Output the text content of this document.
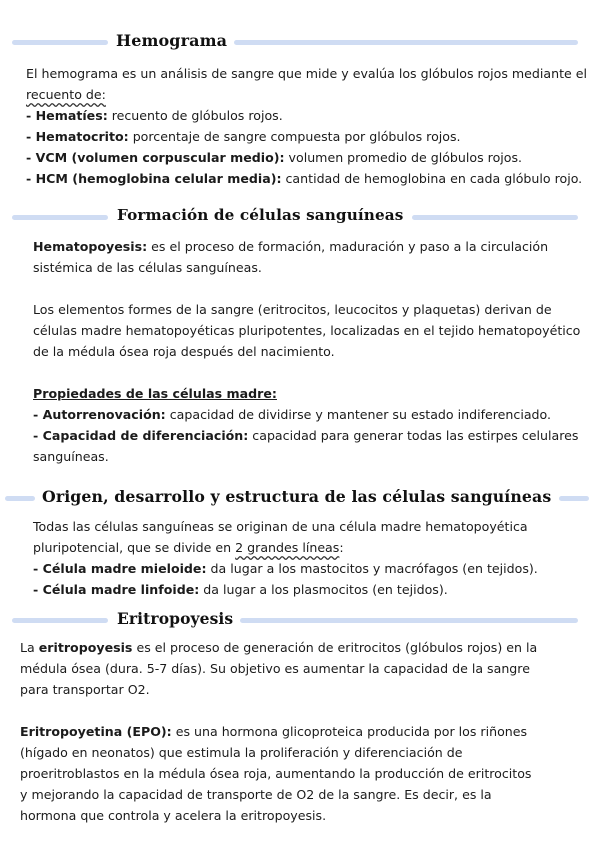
Hemograma
El hemograma es un análisis de sangre que mide y evalúa los glóbulos rojos mediante el
recuento de:
- Hematíes: recuento de glóbulos rojos.
- Hematocrito: porcentaje de sangre compuesta por glóbulos rojos.
- VCM (volumen corpuscular medio): volumen promedio de glóbulos rojos.
- HCM (hemoglobina celular media): cantidad de hemoglobina en cada glóbulo rojo.
Formación de células sanguíneas
Hematopoyesis: es el proceso de formación, maduración y paso a la circulación
sistémica de las células sanguíneas.

Los elementos formes de la sangre (eritrocitos, leucocitos y plaquetas) derivan de
células madre hematopoyéticas pluripotentes, localizadas en el tejido hematopoyético
de la médula ósea roja después del nacimiento.

Propiedades de las células madre:
- Autorrenovación: capacidad de dividirse y mantener su estado indiferenciado.
- Capacidad de diferenciación: capacidad para generar todas las estirpes celulares
sanguíneas.
Origen, desarrollo y estructura de las células sanguíneas
Todas las células sanguíneas se originan de una célula madre hematopoyética
pluripotencial, que se divide en 2 grandes líneas:
- Célula madre mieloide: da lugar a los mastocitos y macrófagos (en tejidos).
- Célula madre linfoide: da lugar a los plasmocitos (en tejidos).
Eritropoyesis
La eritropoyesis es el proceso de generación de eritrocitos (glóbulos rojos) en la
médula ósea (dura. 5-7 días). Su objetivo es aumentar la capacidad de la sangre
para transportar O2.

Eritropoyetina (EPO): es una hormona glicoproteica producida por los riñones
(hígado en neonatos) que estimula la proliferación y diferenciación de
proeritroblastos en la médula ósea roja, aumentando la producción de eritrocitos
y mejorando la capacidad de transporte de O2 de la sangre. Es decir, es la
hormona que controla y acelera la eritropoyesis.
